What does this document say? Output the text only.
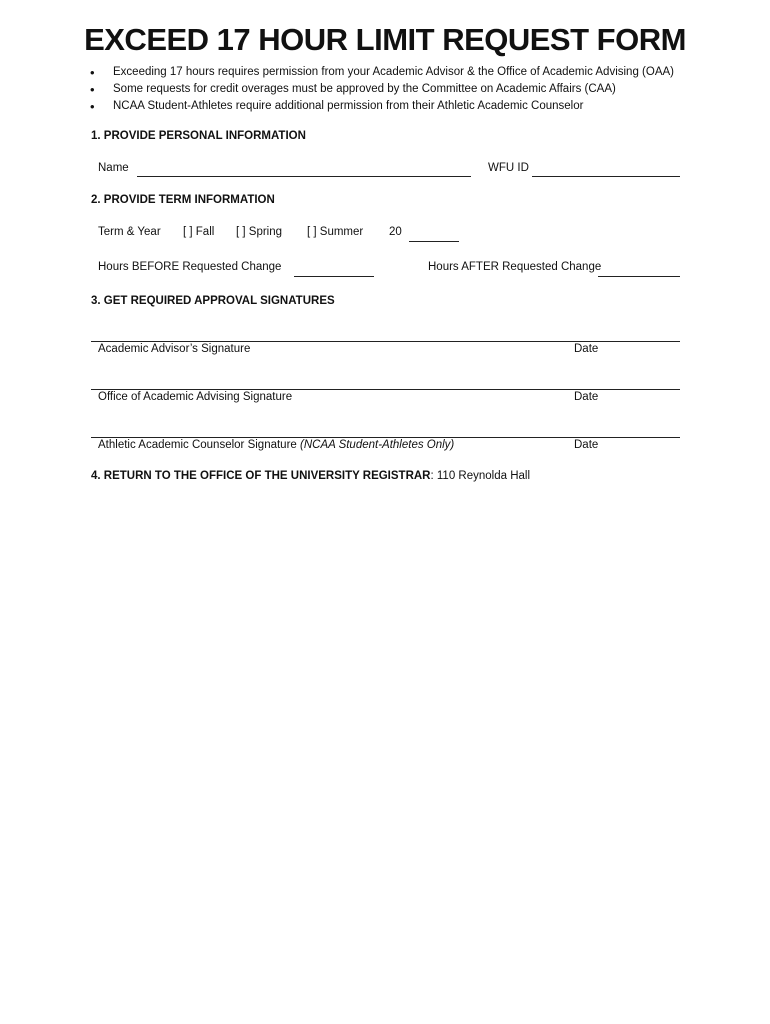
EXCEED 17 HOUR LIMIT REQUEST FORM
• Exceeding 17 hours requires permission from your Academic Advisor & the Office of Academic Advising (OAA)
• Some requests for credit overages must be approved by the Committee on Academic Affairs (CAA)
• NCAA Student-Athletes require additional permission from their Athletic Academic Counselor
1. PROVIDE PERSONAL INFORMATION
Name	WFU ID
2. PROVIDE TERM INFORMATION
Term & Year [ ] Fall [ ] Spring [ ] Summer 20
Hours BEFORE Requested Change	Hours AFTER Requested Change
3. GET REQUIRED APPROVAL SIGNATURES
Academic Advisor’s Signature	Date
Office of Academic Advising Signature	Date
Athletic Academic Counselor Signature (NCAA Student-Athletes Only)	Date
4. RETURN TO THE OFFICE OF THE UNIVERSITY REGISTRAR: 110 Reynolda Hall
